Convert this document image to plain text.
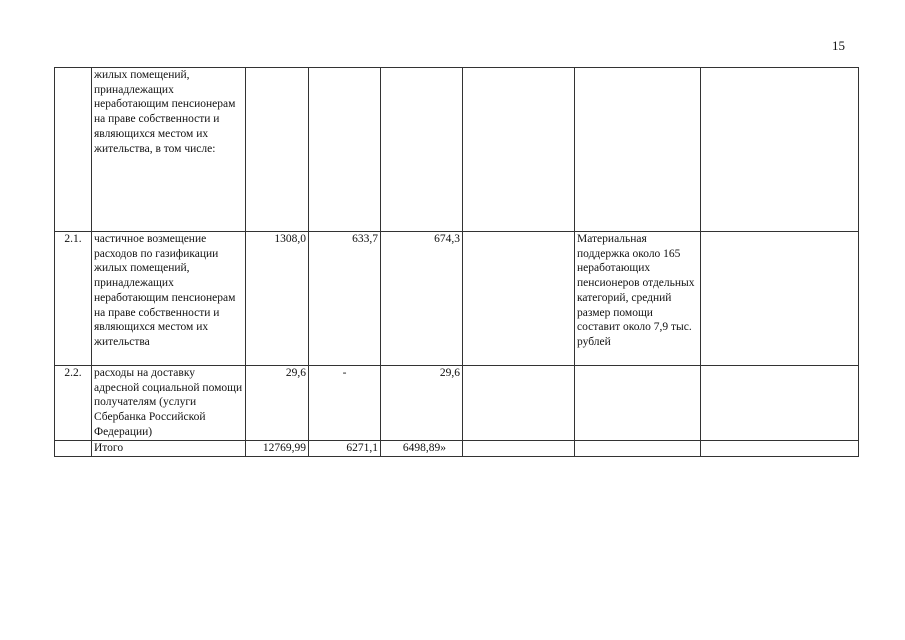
15
	жилых помещений, принадлежащих неработающим пенсионерам на праве собственности и являющихся местом их жительства, в том числе:						
2.1.	частичное возмещение расходов по газификации жилых помещений, принадлежащих неработающим пенсионерам на праве собственности и являющихся местом их жительства	1308,0	633,7	674,3		Материальная поддержка около 165 неработающих пенсионеров отдельных категорий, средний размер помощи составит около 7,9 тыс. рублей	
2.2.	расходы на доставку адресной социальной помощи получателям (услуги Сбербанка Российской Федерации)	29,6	-	29,6			
	Итого	12769,99	6271,1	6498,89»			
